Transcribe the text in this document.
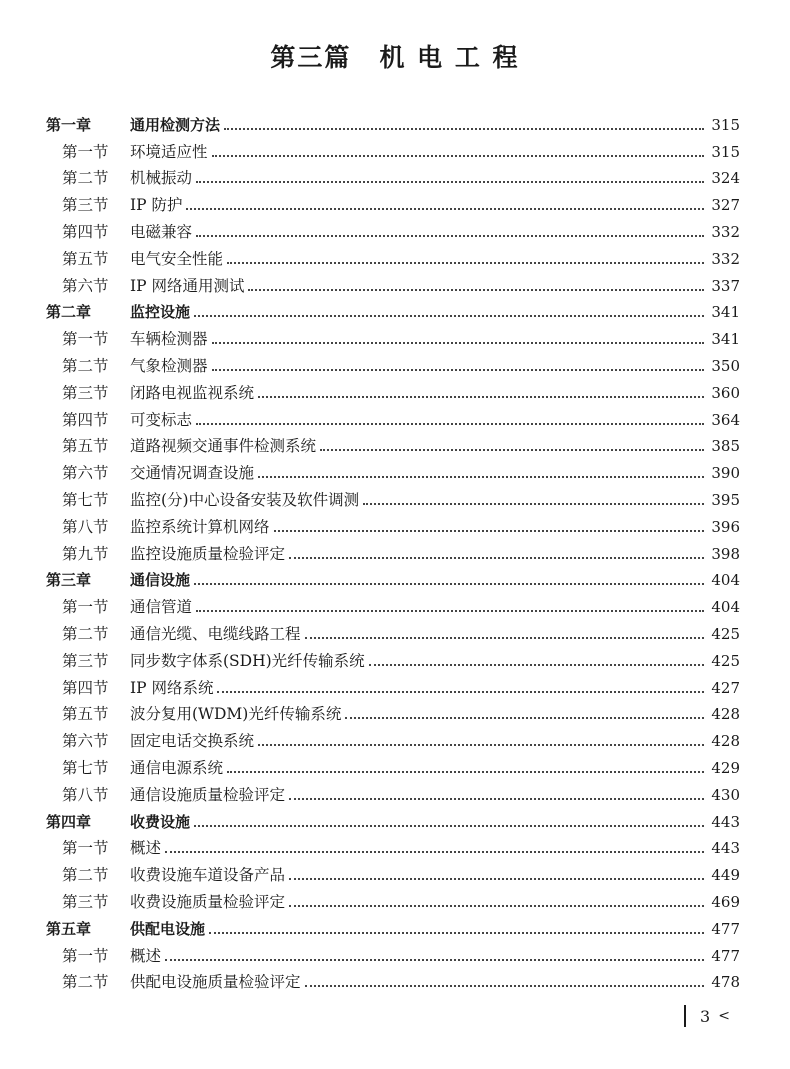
第三篇 机 电 工 程
第一章	通用检测方法	315
第一节	环境适应性	315
第二节	机械振动	324
第三节	IP 防护	327
第四节	电磁兼容	332
第五节	电气安全性能	332
第六节	IP 网络通用测试	337
第二章	监控设施	341
第一节	车辆检测器	341
第二节	气象检测器	350
第三节	闭路电视监视系统	360
第四节	可变标志	364
第五节	道路视频交通事件检测系统	385
第六节	交通情况调查设施	390
第七节	监控(分)中心设备安装及软件调测	395
第八节	监控系统计算机网络	396
第九节	监控设施质量检验评定	398
第三章	通信设施	404
第一节	通信管道	404
第二节	通信光缆、电缆线路工程	425
第三节	同步数字体系(SDH)光纤传输系统	425
第四节	IP 网络系统	427
第五节	波分复用(WDM)光纤传输系统	428
第六节	固定电话交换系统	428
第七节	通信电源系统	429
第八节	通信设施质量检验评定	430
第四章	收费设施	443
第一节	概述	443
第二节	收费设施车道设备产品	449
第三节	收费设施质量检验评定	469
第五章	供配电设施	477
第一节	概述	477
第二节	供配电设施质量检验评定	478
3 <
